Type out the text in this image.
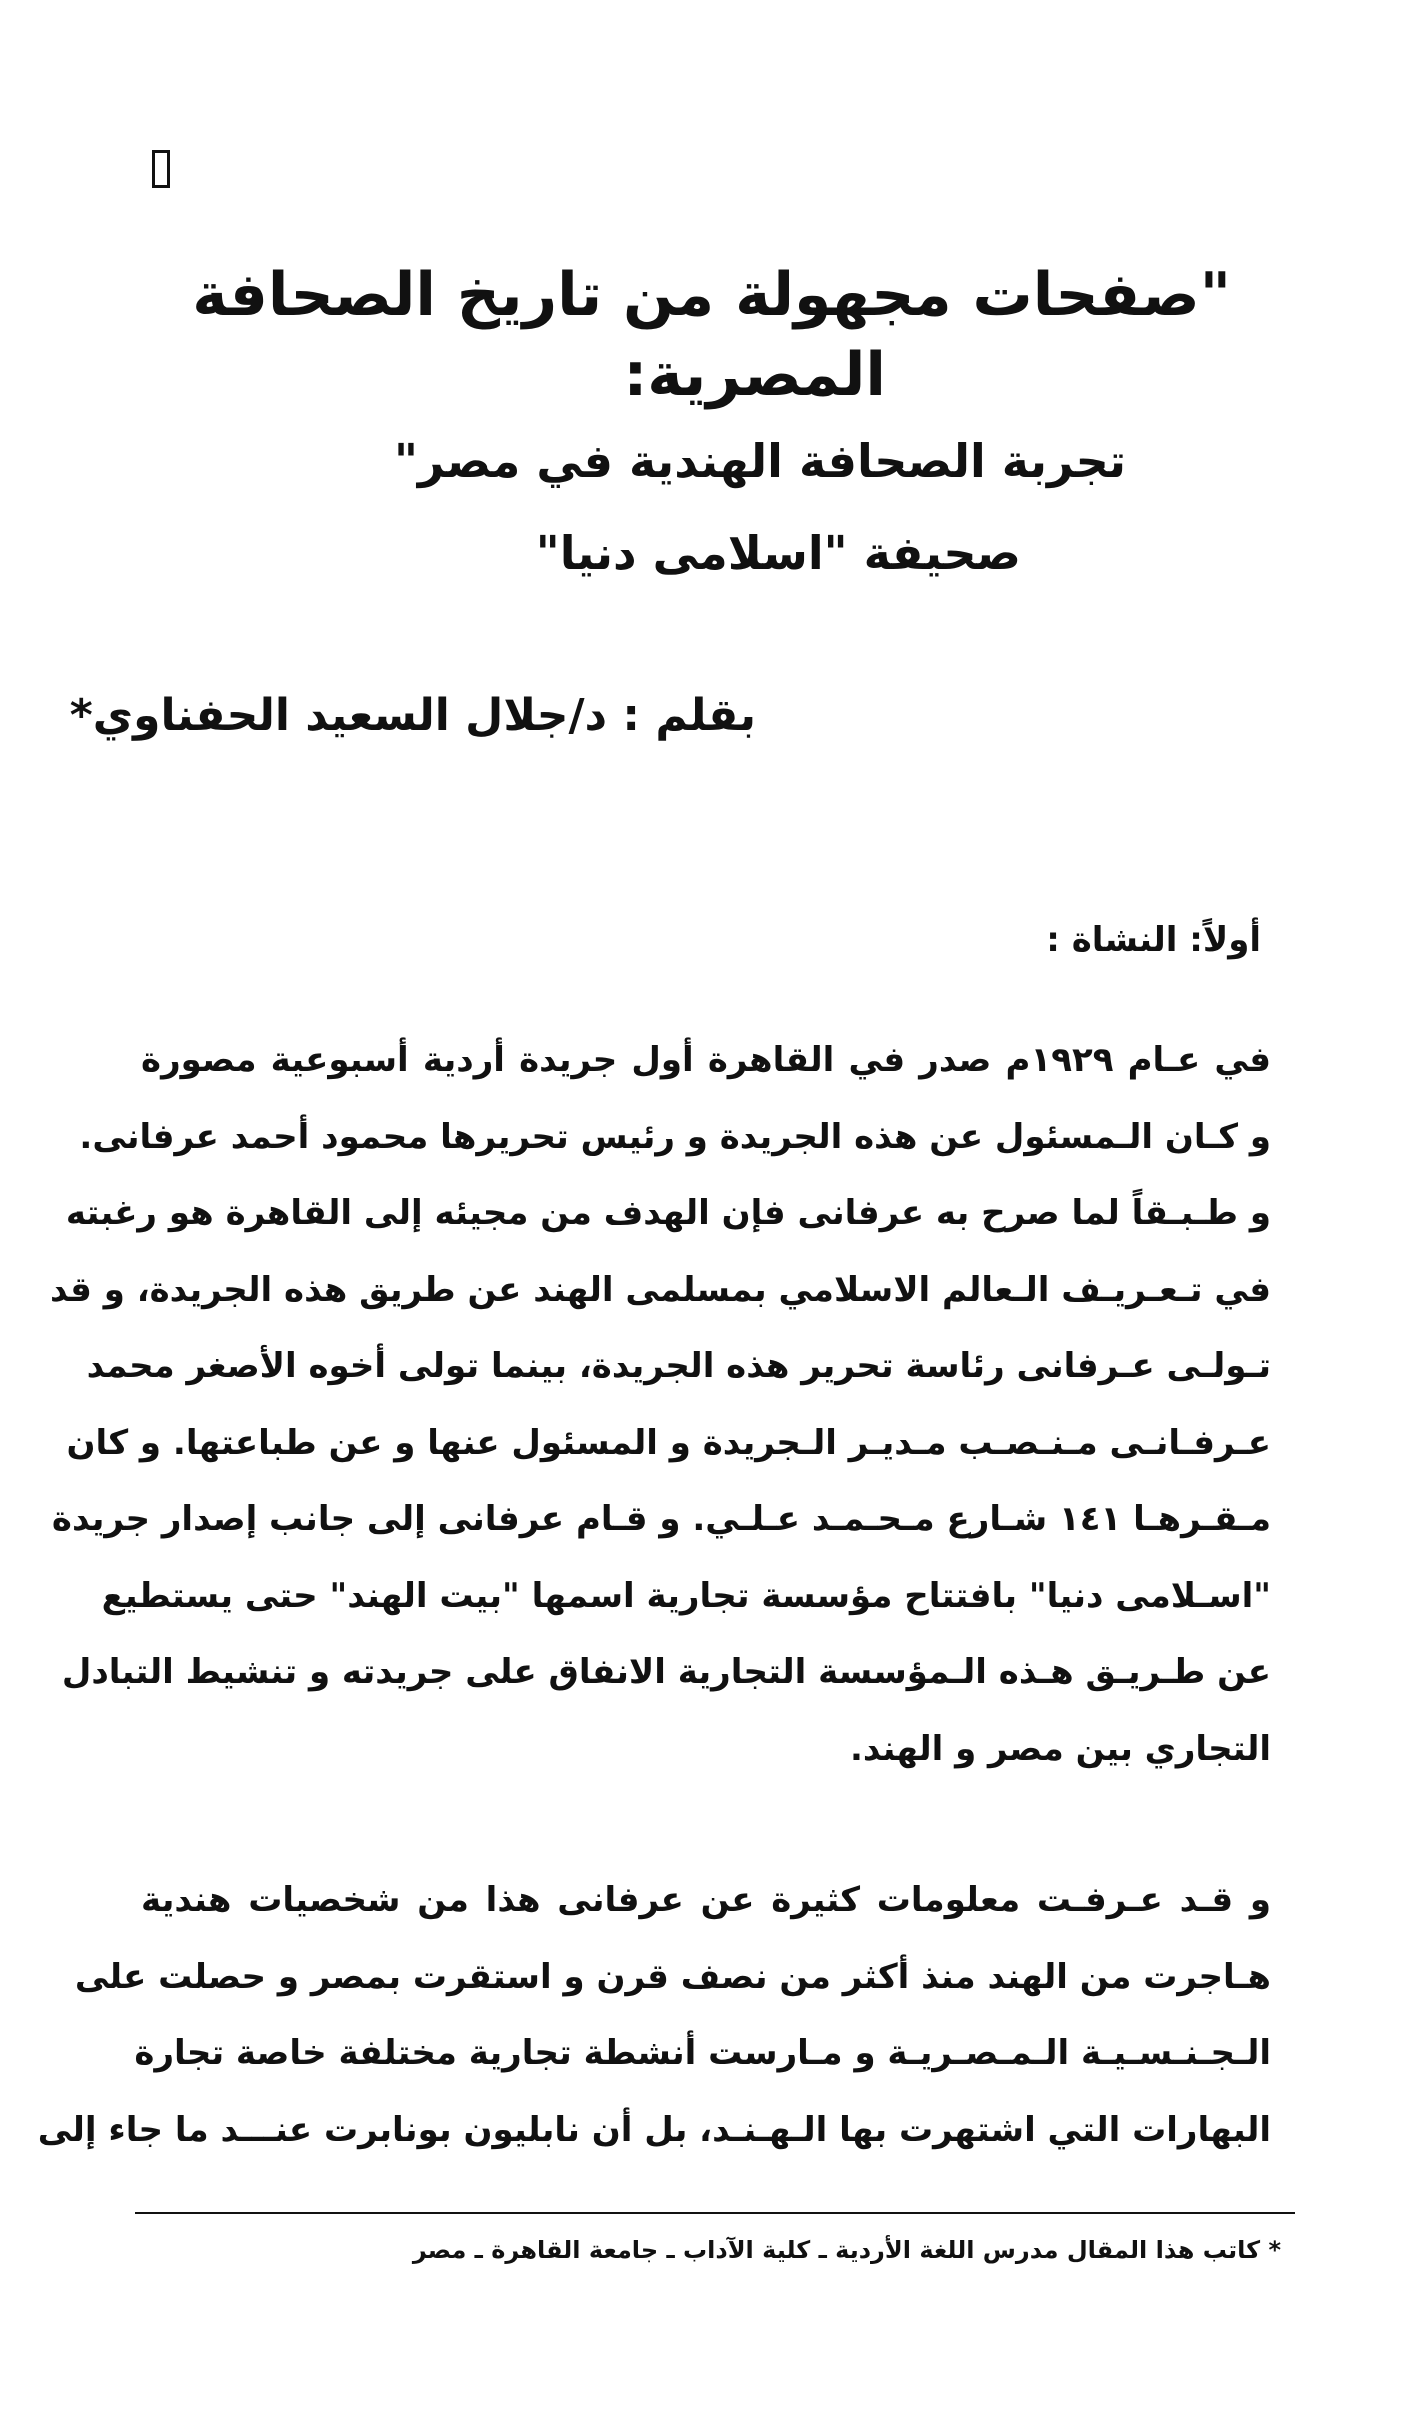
"صفحات مجهولة من تاريخ الصحافة

المصرية:

تجربة الصحافة الهندية في مصر"

صحيفة "اسلامى دنيا"

بقلم : د/جلال السعيد الحفناوي*
أولاً: النشاة :

في عـام ١٩٢٩م صدر في القاهرة أول جريدة أردية أسبوعية مصورة
و كـان الـمسئول عن هذه الجريدة و رئيس تحريرها محمود أحمد عرفانى.
و طـبـقاً لما صرح به عرفانى فإن الهدف من مجيئه إلى القاهرة هو رغبته
في تـعـريـف الـعالم الاسلامي بمسلمى الهند عن طريق هذه الجريدة، و قد
تـولـى عـرفانى رئاسة تحرير هذه الجريدة، بينما تولى أخوه الأصغر محمد
عـرفـانـى مـنـصـب مـديـر الـجريدة و المسئول عنها و عن طباعتها. و كان
مـقـرهـا ١٤١ شـارع مـحـمـد عـلـي. و قـام عرفانى إلى جانب إصدار جريدة
"اسـلامى دنيا" بافتتاح مؤسسة تجارية اسمها "بيت الهند" حتى يستطيع
عن طـريـق هـذه الـمؤسسة التجارية الانفاق على جريدته و تنشيط التبادل
التجاري بين مصر و الهند.

و قـد عـرفـت معلومات كثيرة عن عرفانى هذا من شخصيات هندية
هـاجرت من الهند منذ أكثر من نصف قرن و استقرت بمصر و حصلت على
الـجـنـسـيـة الـمـصـريـة و مـارست أنشطة تجارية مختلفة خاصة تجارة
البهارات التي اشتهرت بها الـهـنـد، بل أن نابليون بونابرت عنـــد ما جاء إلى

* كاتب هذا المقال مدرس اللغة الأردية ـ كلية الآداب ـ جامعة القاهرة ـ مصر
